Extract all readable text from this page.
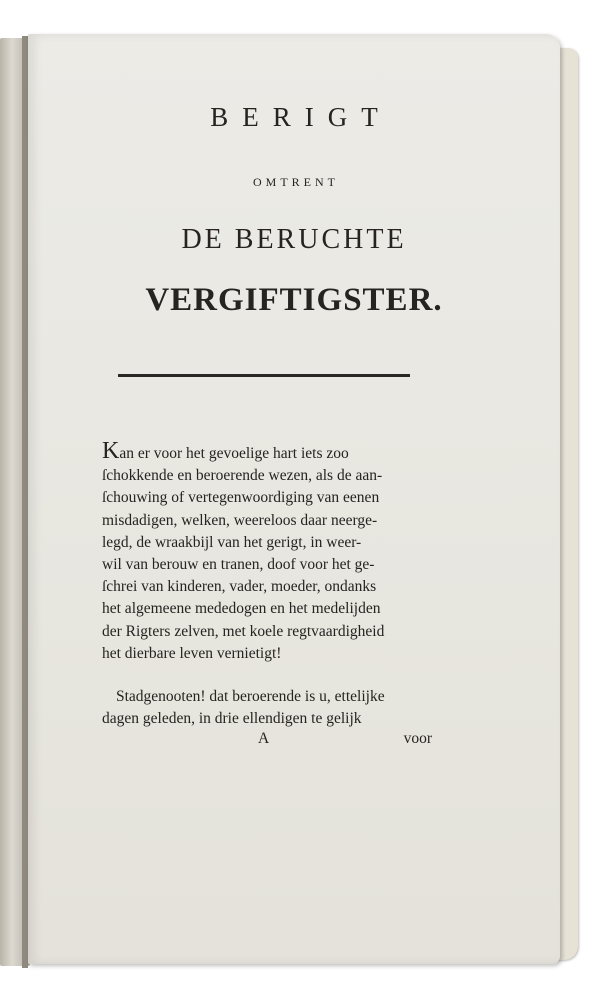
BERIGT
OMTRENT
DE BERUCHTE
VERGIFTIGSTER.
Kan er voor het gevoelige hart iets zoo
ſchokkende en beroerende wezen, als de aan-
ſchouwing of vertegenwoordiging van eenen
misdadigen, welken, weereloos daar neerge-
legd, de wraakbijl van het gerigt, in weer-
wil van berouw en tranen, doof voor het ge-
ſchrei van kinderen, vader, moeder, ondanks
het algemeene mededogen en het medelijden
der Rigters zelven, met koele regtvaardigheid
het dierbare leven vernietigt!
Stadgenooten! dat beroerende is u, ettelijke
dagen geleden, in drie ellendigen te gelijk
A	voor
